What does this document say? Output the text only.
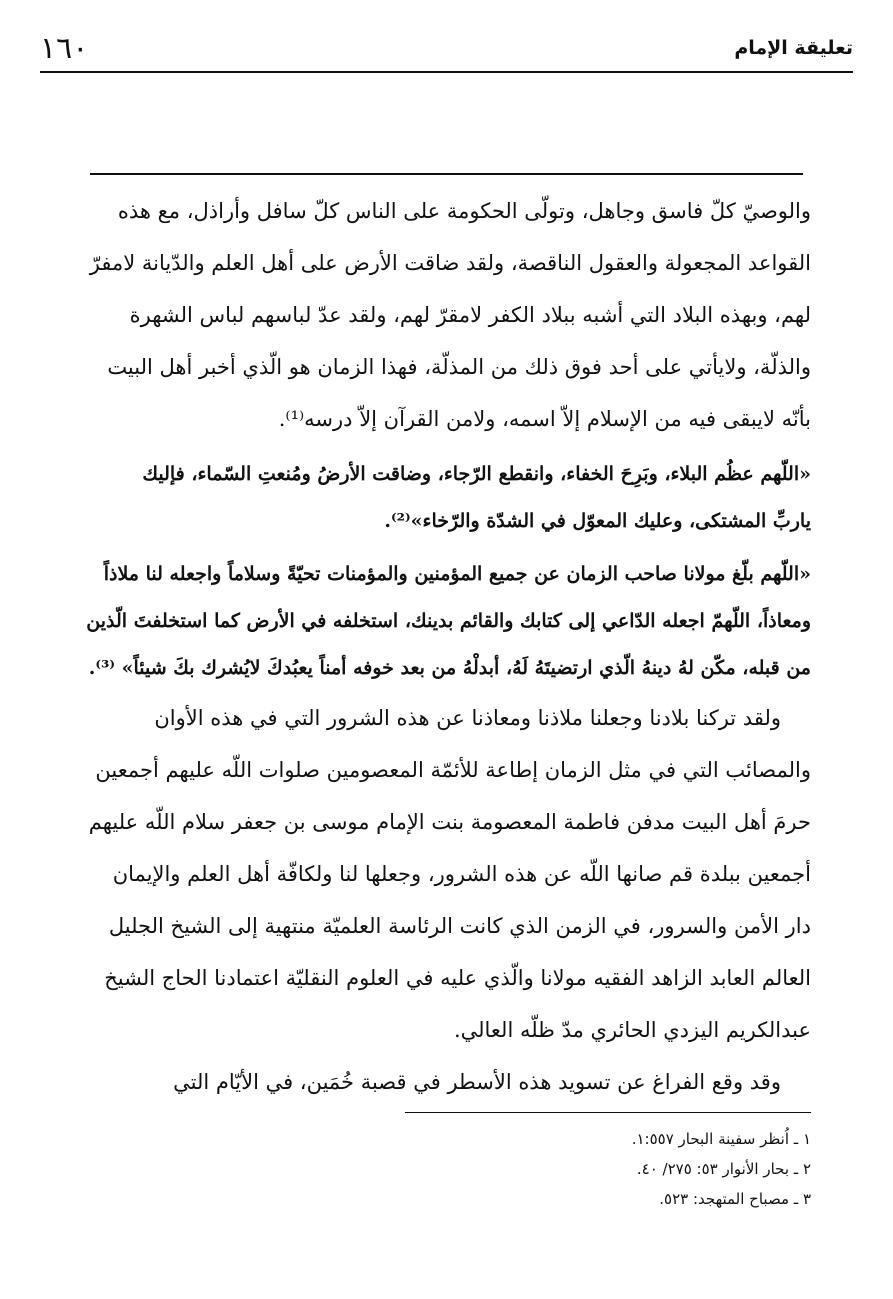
تعليقة الإمام
١٦٠

والوصيّ كلّ فاسق وجاهل، وتولّى الحكومة على الناس كلّ سافل وأراذل، مع هذه

القواعد المجعولة والعقول الناقصة، ولقد ضاقت الأرض على أهل العلم والدّيانة لامفرّ

لهم، وبهذه البلاد التي أشبه ببلاد الكفر لامقرّ لهم، ولقد عدّ لباسهم لباس الشهرة

والذلّة، ولايأتي على أحد فوق ذلك من المذلّة، فهذا الزمان هو الّذي أخبر أهل البيت

بأنّه لايبقى فيه من الإسلام إلاّ اسمه، ولامن القرآن إلاّ درسه⁽¹⁾.

«اللّهم عظُم البلاء، وبَرِحَ الخفاء، وانقطع الرّجاء، وضاقت الأرضُ ومُنعتِ السّماء، فإليك

ياربِّ المشتكى، وعليك المعوّل في الشدّة والرّخاء»⁽²⁾.

«اللّهم بلّغ مولانا صاحب الزمان عن جميع المؤمنين والمؤمنات تحيّةً وسلاماً واجعله لنا ملاذاً

ومعاذاً، اللّهمّ اجعله الدّاعي إلى كتابك والقائم بدينك، استخلفه في الأرض كما استخلفتَ الّذين

من قبله، مكّن لهُ دينهُ الّذي ارتضيتَهُ لَهُ، أبدلْهُ من بعد خوفه أمناً يعبُدكَ لايُشرك بكَ شيئاً» ⁽³⁾.

ولقد تركنا بلادنا وجعلنا ملاذنا ومعاذنا عن هذه الشرور التي في هذه الأوان

والمصائب التي في مثل الزمان إطاعة للأئمّة المعصومين صلوات اللّه عليهم أجمعين

حرمَ أهل البيت مدفن فاطمة المعصومة بنت الإمام موسى بن جعفر سلام اللّه عليهم

أجمعين ببلدة قم صانها اللّه عن هذه الشرور، وجعلها لنا ولكافّة أهل العلم والإيمان

دار الأمن والسرور، في الزمن الذي كانت الرئاسة العلميّة منتهية إلى الشيخ الجليل

العالم العابد الزاهد الفقيه مولانا والّذي عليه في العلوم النقليّة اعتمادنا الحاج الشيخ

عبدالكريم اليزدي الحائري مدّ ظلّه العالي.

وقد وقع الفراغ عن تسويد هذه الأسطر في قصبة خُمَين، في الأيّام التي

١ ـ اُنظر سفينة البحار ١:٥٥٧.

٢ ـ بحار الأنوار ٥٣: ٢٧٥/ ٤٠.

٣ ـ مصباح المتهجد: ٥٢٣.
